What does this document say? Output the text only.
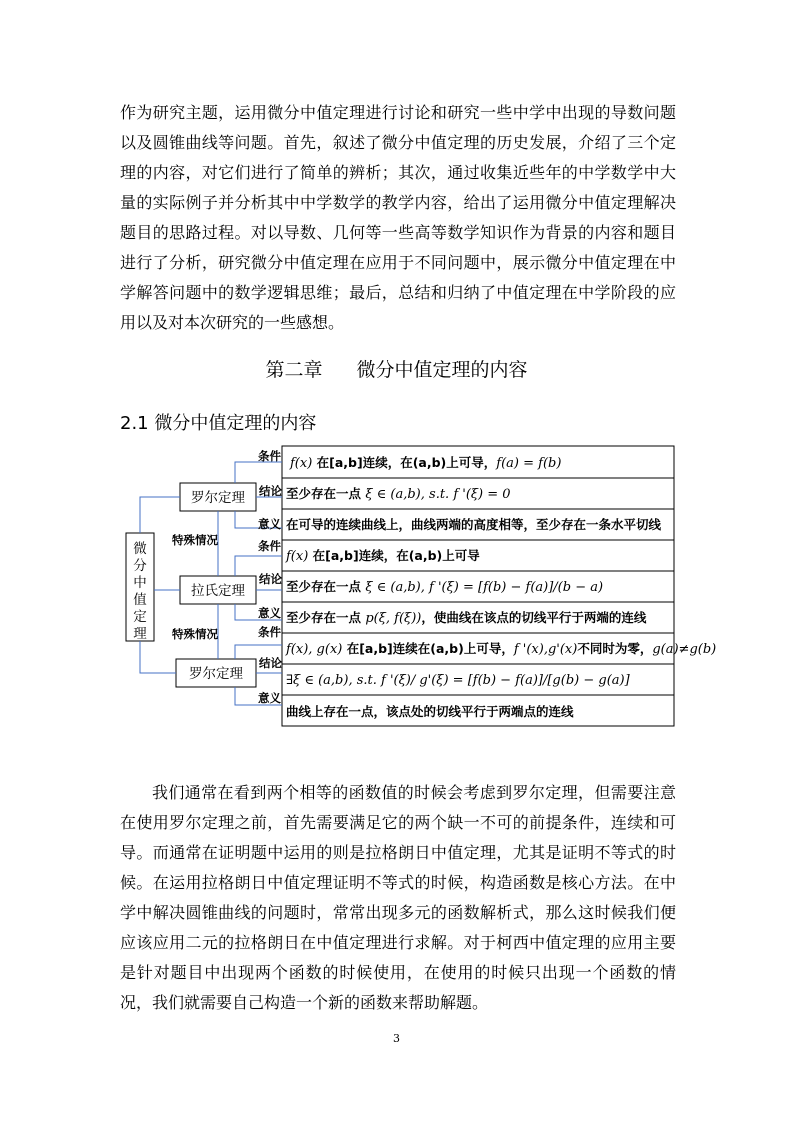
作为研究主题，运用微分中值定理进行讨论和研究一些中学中出现的导数问题以及圆锥曲线等问题。首先，叙述了微分中值定理的历史发展，介绍了三个定理的内容，对它们进行了简单的辨析；其次，通过收集近些年的中学数学中大量的实际例子并分析其中中学数学的教学内容，给出了运用微分中值定理解决题目的思路过程。对以导数、几何等一些高等数学知识作为背景的内容和题目进行了分析，研究微分中值定理在应用于不同问题中，展示微分中值定理在中学解答问题中的数学逻辑思维；最后，总结和归纳了中值定理在中学阶段的应用以及对本次研究的一些感想。

第二章 微分中值定理的内容
2.1 微分中值定理的内容
微
分
中
值
定
理
罗尔定理
拉氏定理
罗尔定理
特殊情况
特殊情况
条件
结论
意义
条件
结论
意义
条件
结论
意义
f(x) 在[a,b]连续，在(a,b)上可导，f(a) = f(b)
至少存在一点 ξ ∈ (a,b), s.t. f '(ξ) = 0
在可导的连续曲线上，曲线两端的高度相等，至少存在一条水平切线
f(x) 在[a,b]连续，在(a,b)上可导
至少存在一点 ξ ∈ (a,b), f '(ξ) = [f(b) − f(a)]/(b − a)
至少存在一点 p(ξ, f(ξ))，使曲线在该点的切线平行于两端的连线
f(x), g(x) 在[a,b]连续在(a,b)上可导，f '(x),g'(x)不同时为零，g(a)≠g(b)
∃ξ ∈ (a,b), s.t. f '(ξ)/ g'(ξ) = [f(b) − f(a)]/[g(b) − g(a)]
曲线上存在一点，该点处的切线平行于两端点的连线

我们通常在看到两个相等的函数值的时候会考虑到罗尔定理，但需要注意在使用罗尔定理之前，首先需要满足它的两个缺一不可的前提条件，连续和可导。而通常在证明题中运用的则是拉格朗日中值定理，尤其是证明不等式的时候。在运用拉格朗日中值定理证明不等式的时候，构造函数是核心方法。在中学中解决圆锥曲线的问题时，常常出现多元的函数解析式，那么这时候我们便应该应用二元的拉格朗日在中值定理进行求解。对于柯西中值定理的应用主要是针对题目中出现两个函数的时候使用，在使用的时候只出现一个函数的情况，我们就需要自己构造一个新的函数来帮助解题。

3
